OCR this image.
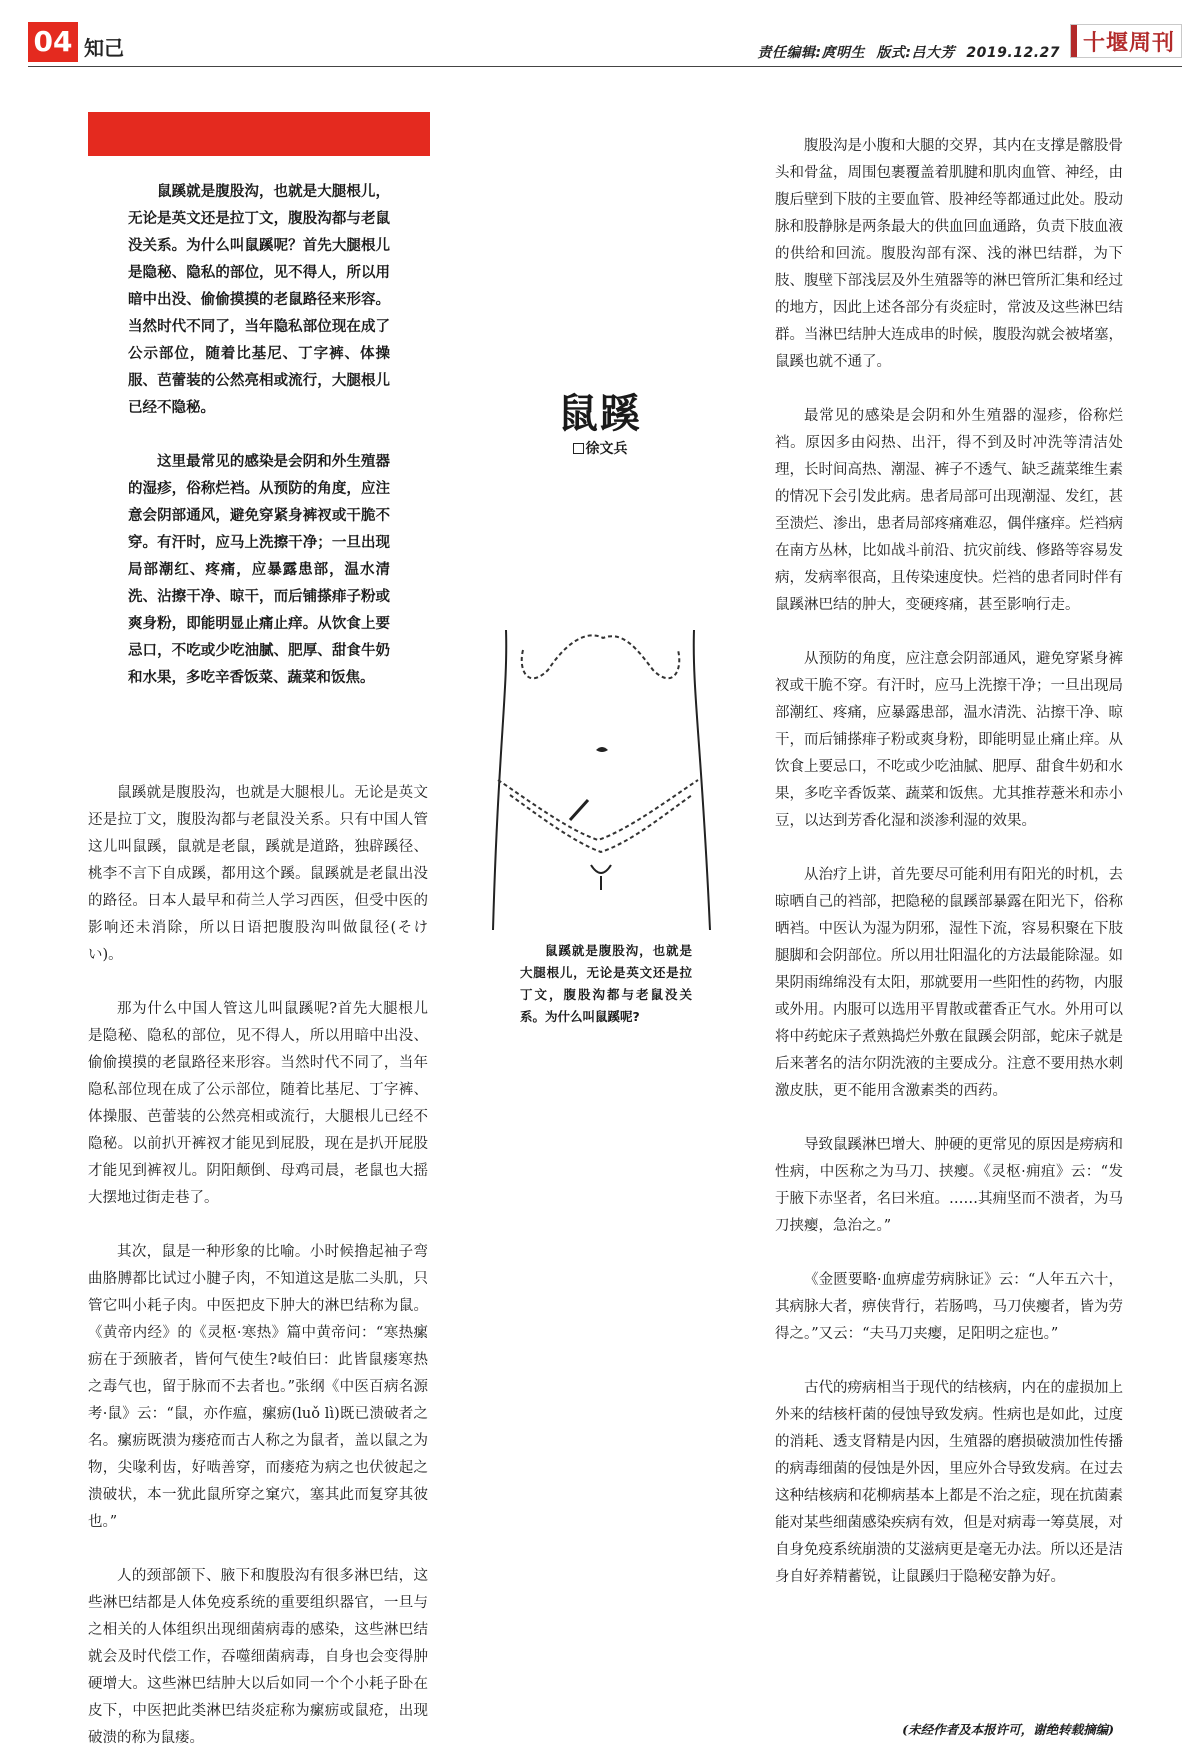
04 知己	责任编辑:庹明生 版式:吕大芳 2019.12.27 十堰周刊

鼠蹊就是腹股沟，也就是大腿根儿，无论是英文还是拉丁文，腹股沟都与老鼠没关系。为什么叫鼠蹊呢？首先大腿根儿是隐秘、隐私的部位，见不得人，所以用暗中出没、偷偷摸摸的老鼠路径来形容。当然时代不同了，当年隐私部位现在成了公示部位，随着比基尼、丁字裤、体操服、芭蕾装的公然亮相或流行，大腿根儿已经不隐秘。

这里最常见的感染是会阴和外生殖器的湿疹，俗称烂裆。从预防的角度，应注意会阴部通风，避免穿紧身裤衩或干脆不穿。有汗时，应马上洗擦干净；一旦出现局部潮红、疼痛，应暴露患部，温水清洗、沾擦干净、晾干，而后铺搽痱子粉或爽身粉，即能明显止痛止痒。从饮食上要忌口，不吃或少吃油腻、肥厚、甜食牛奶和水果，多吃辛香饭菜、蔬菜和饭焦。

鼠蹊就是腹股沟，也就是大腿根儿。无论是英文还是拉丁文，腹股沟都与老鼠没关系。只有中国人管这儿叫鼠蹊，鼠就是老鼠，蹊就是道路，独辟蹊径、桃李不言下自成蹊，都用这个蹊。鼠蹊就是老鼠出没的路径。日本人最早和荷兰人学习西医，但受中医的影响还未消除，所以日语把腹股沟叫做鼠径(そけい)。

那为什么中国人管这儿叫鼠蹊呢?首先大腿根儿是隐秘、隐私的部位，见不得人，所以用暗中出没、偷偷摸摸的老鼠路径来形容。当然时代不同了，当年隐私部位现在成了公示部位，随着比基尼、丁字裤、体操服、芭蕾装的公然亮相或流行，大腿根儿已经不隐秘。以前扒开裤衩才能见到屁股，现在是扒开屁股才能见到裤衩儿。阴阳颠倒、母鸡司晨，老鼠也大摇大摆地过街走巷了。

其次，鼠是一种形象的比喻。小时候撸起袖子弯曲胳膊都比试过小腱子肉，不知道这是肱二头肌，只管它叫小耗子肉。中医把皮下肿大的淋巴结称为鼠。《黄帝内经》的《灵枢·寒热》篇中黄帝问：“寒热瘰疬在于颈腋者，皆何气使生?岐伯曰：此皆鼠瘘寒热之毒气也，留于脉而不去者也。”张纲《中医百病名源考·鼠》云：“鼠，亦作瘟，瘰疬(luǒ lì)既已溃破者之名。瘰疬既溃为瘘疮而古人称之为鼠者，盖以鼠之为物，尖喙利齿，好啮善穿，而瘘疮为病之也伏彼起之溃破状，本一犹此鼠所穿之窠穴，塞其此而复穿其彼也。”

人的颈部颌下、腋下和腹股沟有很多淋巴结，这些淋巴结都是人体免疫系统的重要组织器官，一旦与之相关的人体组织出现细菌病毒的感染，这些淋巴结就会及时代偿工作，吞噬细菌病毒，自身也会变得肿硬增大。这些淋巴结肿大以后如同一个个小耗子卧在皮下，中医把此类淋巴结炎症称为瘰疬或鼠疮，出现破溃的称为鼠瘘。

鼠蹊
徐文兵
鼠蹊就是腹股沟，也就是大腿根儿，无论是英文还是拉丁文，腹股沟都与老鼠没关系。为什么叫鼠蹊呢?

腹股沟是小腹和大腿的交界，其内在支撑是髂股骨头和骨盆，周围包裹覆盖着肌腱和肌肉血管、神经，由腹后壁到下肢的主要血管、股神经等都通过此处。股动脉和股静脉是两条最大的供血回血通路，负责下肢血液的供给和回流。腹股沟部有深、浅的淋巴结群，为下肢、腹壁下部浅层及外生殖器等的淋巴管所汇集和经过的地方，因此上述各部分有炎症时，常波及这些淋巴结群。当淋巴结肿大连成串的时候，腹股沟就会被堵塞，鼠蹊也就不通了。

最常见的感染是会阴和外生殖器的湿疹，俗称烂裆。原因多由闷热、出汗，得不到及时冲洗等清洁处理，长时间高热、潮湿、裤子不透气、缺乏蔬菜维生素的情况下会引发此病。患者局部可出现潮湿、发红，甚至溃烂、渗出，患者局部疼痛难忍，偶伴瘙痒。烂裆病在南方丛林，比如战斗前沿、抗灾前线、修路等容易发病，发病率很高，且传染速度快。烂裆的患者同时伴有鼠蹊淋巴结的肿大，变硬疼痛，甚至影响行走。

从预防的角度，应注意会阴部通风，避免穿紧身裤衩或干脆不穿。有汗时，应马上洗擦干净；一旦出现局部潮红、疼痛，应暴露患部，温水清洗、沾擦干净、晾干，而后铺搽痱子粉或爽身粉，即能明显止痛止痒。从饮食上要忌口，不吃或少吃油腻、肥厚、甜食牛奶和水果，多吃辛香饭菜、蔬菜和饭焦。尤其推荐薏米和赤小豆，以达到芳香化湿和淡渗利湿的效果。

从治疗上讲，首先要尽可能利用有阳光的时机，去晾晒自己的裆部，把隐秘的鼠蹊部暴露在阳光下，俗称晒裆。中医认为湿为阴邪，湿性下流，容易积聚在下肢腿脚和会阴部位。所以用壮阳温化的方法最能除湿。如果阴雨绵绵没有太阳，那就要用一些阳性的药物，内服或外用。内服可以选用平胃散或藿香正气水。外用可以将中药蛇床子煮熟捣烂外敷在鼠蹊会阴部，蛇床子就是后来著名的洁尔阴洗液的主要成分。注意不要用热水刺激皮肤，更不能用含激素类的西药。

导致鼠蹊淋巴增大、肿硬的更常见的原因是痨病和性病，中医称之为马刀、挟瘿。《灵枢·痈疽》云：“发于腋下赤坚者，名曰米疽。……其痈坚而不溃者，为马刀挟瘿，急治之。”

《金匮要略·血痹虚劳病脉证》云：“人年五六十，其病脉大者，痹侠背行，若肠鸣，马刀侠瘿者，皆为劳得之。”又云：“夫马刀夹瘿，足阳明之症也。”

古代的痨病相当于现代的结核病，内在的虚损加上外来的结核杆菌的侵蚀导致发病。性病也是如此，过度的消耗、透支肾精是内因，生殖器的磨损破溃加性传播的病毒细菌的侵蚀是外因，里应外合导致发病。在过去这种结核病和花柳病基本上都是不治之症，现在抗菌素能对某些细菌感染疾病有效，但是对病毒一筹莫展，对自身免疫系统崩溃的艾滋病更是毫无办法。所以还是洁身自好养精蓄锐，让鼠蹊归于隐秘安静为好。

(未经作者及本报许可，谢绝转载摘编)
